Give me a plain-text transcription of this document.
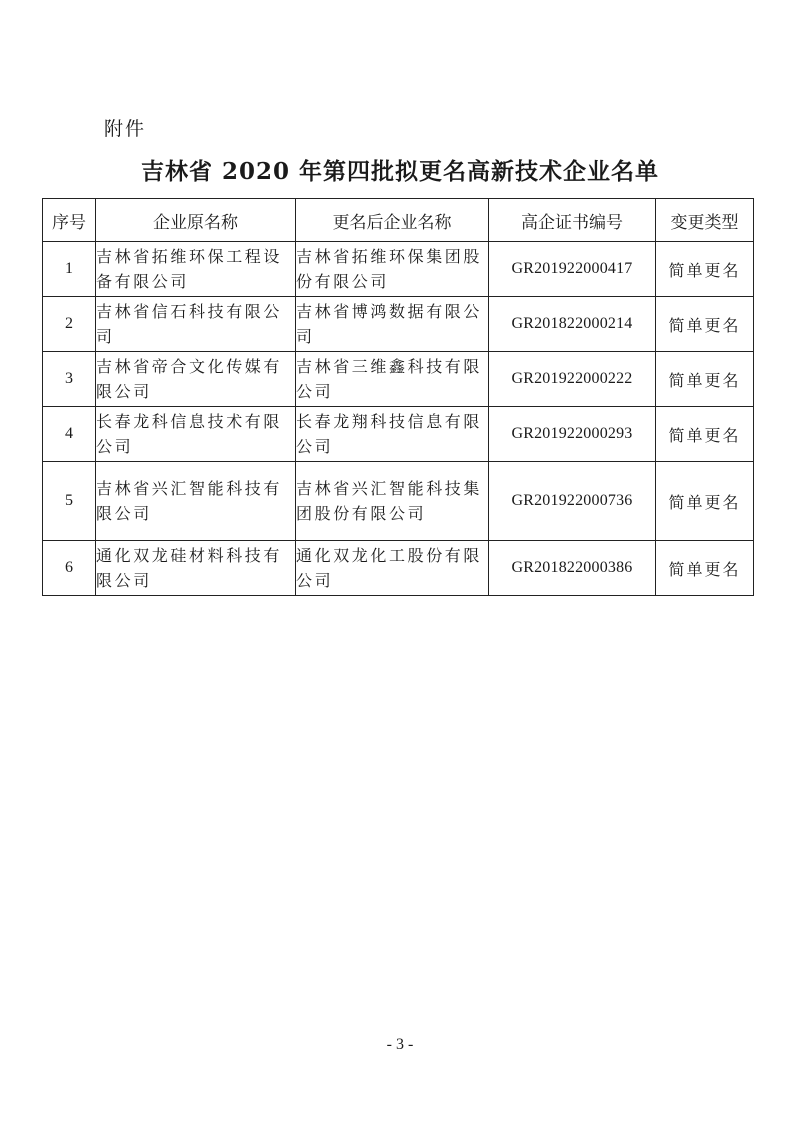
附件
吉林省 2020 年第四批拟更名高新技术企业名单
序号	企业原名称	更名后企业名称	高企证书编号	变更类型
1	吉林省拓维环保工程设备有限公司	吉林省拓维环保集团股份有限公司	GR201922000417	简单更名
2	吉林省信石科技有限公司	吉林省博鸿数据有限公司	GR201822000214	简单更名
3	吉林省帝合文化传媒有限公司	吉林省三维鑫科技有限公司	GR201922000222	简单更名
4	长春龙科信息技术有限公司	长春龙翔科技信息有限公司	GR201922000293	简单更名
5	吉林省兴汇智能科技有限公司	吉林省兴汇智能科技集团股份有限公司	GR201922000736	简单更名
6	通化双龙硅材料科技有限公司	通化双龙化工股份有限公司	GR201822000386	简单更名
- 3 -
